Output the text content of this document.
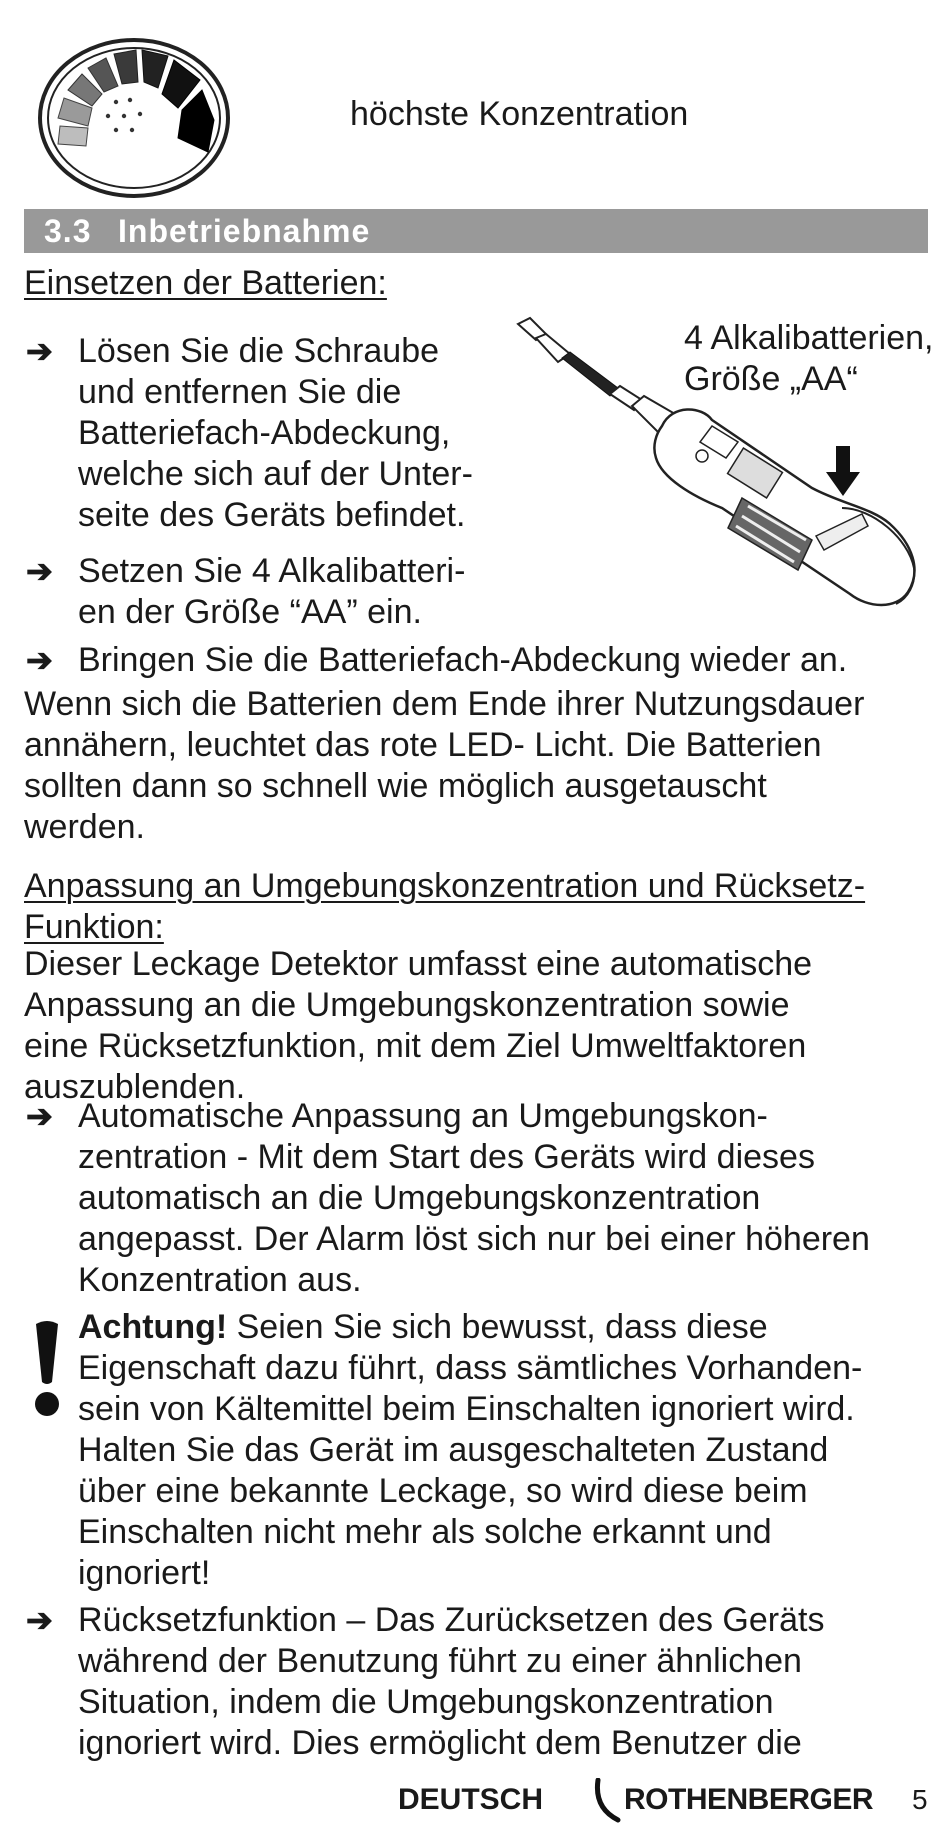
höchste Konzentration
3.3 Inbetriebnahme
Einsetzen der Batterien:
4 Alkalibatterien,
Größe „AA“
➔ Lösen Sie die Schraube
und entfernen Sie die
Batteriefach-Abdeckung,
welche sich auf der Unter-
seite des Geräts befindet.
➔ Setzen Sie 4 Alkalibatteri-
en der Größe “AA” ein.
➔ Bringen Sie die Batteriefach-Abdeckung wieder an.
Wenn sich die Batterien dem Ende ihrer Nutzungsdauer
annähern, leuchtet das rote LED- Licht. Die Batterien
sollten dann so schnell wie möglich ausgetauscht
werden.
Anpassung an Umgebungskonzentration und Rücksetz-
Funktion:
Dieser Leckage Detektor umfasst eine automatische
Anpassung an die Umgebungskonzentration sowie
eine Rücksetzfunktion, mit dem Ziel Umweltfaktoren
auszublenden.
➔ Automatische Anpassung an Umgebungskon-
zentration - Mit dem Start des Geräts wird dieses
automatisch an die Umgebungskonzentration
angepasst. Der Alarm löst sich nur bei einer höheren
Konzentration aus.
Achtung! Seien Sie sich bewusst, dass diese
Eigenschaft dazu führt, dass sämtliches Vorhanden-
sein von Kältemittel beim Einschalten ignoriert wird.
Halten Sie das Gerät im ausgeschalteten Zustand
über eine bekannte Leckage, so wird diese beim
Einschalten nicht mehr als solche erkannt und
ignoriert!
➔ Rücksetzfunktion – Das Zurücksetzen des Geräts
während der Benutzung führt zu einer ähnlichen
Situation, indem die Umgebungskonzentration
ignoriert wird. Dies ermöglicht dem Benutzer die
DEUTSCH	ROTHENBERGER 5
